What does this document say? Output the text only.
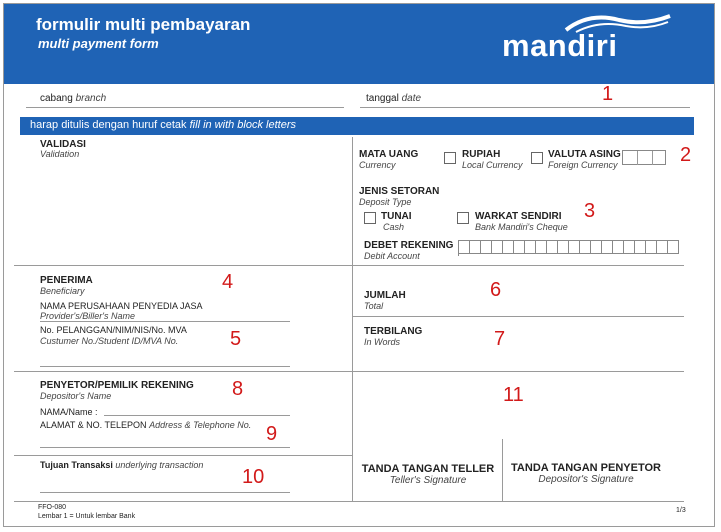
formulir multi pembayaran
multi payment form	mandiri
cabang branch	tanggal date	1
harap ditulis dengan huruf cetak fill in with block letters
VALIDASI
Validation	MATA UANG
Currency
RUPIAH
Local Currency
VALUTA ASING
Foreign Currency	2
JENIS SETORAN
Deposit Type
TUNAI
Cash
WARKAT SENDIRI
Bank Mandiri's Cheque
3
DEBET REKENING
Debit Account
PENERIMA
Beneficiary
NAMA PERUSAHAAN PENYEDIA JASA
Provider's/Biller's Name
No. PELANGGAN/NIM/NIS/No. MVA
Custumer No./Student ID/MVA No.
4
5
JUMLAH
Total
6
TERBILANG
In Words	7
PENYETOR/PEMILIK REKENING
Depositor's Name	8
NAMA/Name :
ALAMAT & NO. TELEPON Address & Telephone No. 9
Tujuan Transaksi underlying transaction
10
11
TANDA TANGAN TELLER
Teller's Signature
TANDA TANGAN PENYETOR
Depositor's Signature
FFO-080
Lembar 1 = Untuk lembar Bank
1/3
